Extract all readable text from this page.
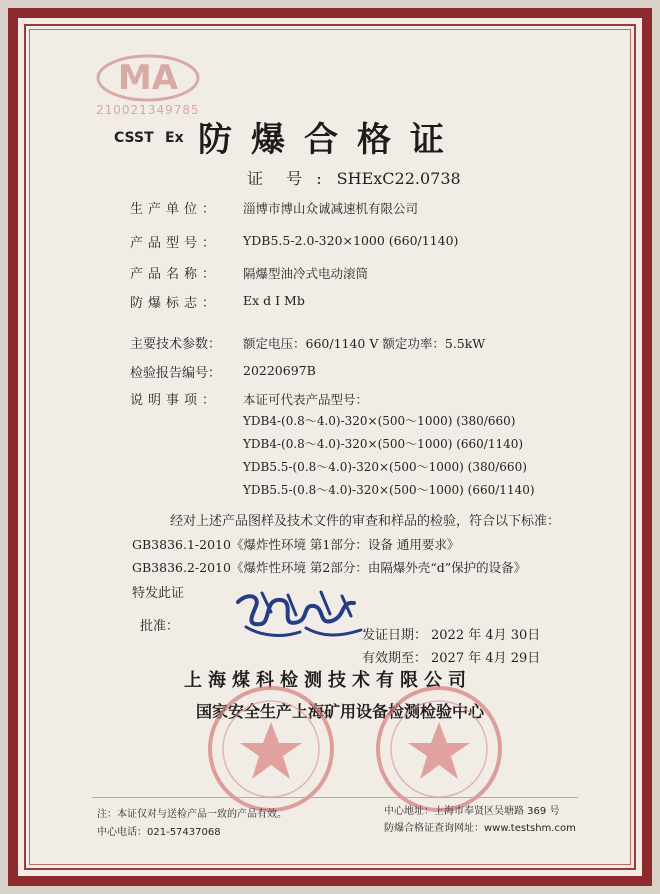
MA
210021349785
CSST Ex 防爆合格证
证 号 : SHExC22.0738
生产单位： 淄博市博山众诚减速机有限公司
产品型号： YDB5.5-2.0-320×1000 (660/1140)
产品名称： 隔爆型油冷式电动滚筒
防爆标志： Ex d I Mb
主要技术参数： 额定电压：660/1140 V 额定功率：5.5kW
检验报告编号： 20220697B
说明事项： 本证可代表产品型号：
YDB4-(0.8～4.0)-320×(500～1000) (380/660)
YDB4-(0.8～4.0)-320×(500～1000) (660/1140)
YDB5.5-(0.8～4.0)-320×(500～1000) (380/660)
YDB5.5-(0.8～4.0)-320×(500～1000) (660/1140)
经对上述产品图样及技术文件的审查和样品的检验，符合以下标准：
GB3836.1-2010《爆炸性环境 第1部分：设备 通用要求》
GB3836.2-2010《爆炸性环境 第2部分：由隔爆外壳“d”保护的设备》
特发此证
批准：
发证日期： 2022 年 4月 30日
有效期至： 2027 年 4月 29日
上海煤科检测技术有限公司
国家安全生产上海矿用设备检测检验中心
注：本证仅对与送检产品一致的产品有效。
中心电话：021-57437068
中心地址：上海市奉贤区吴塘路 369 号
防爆合格证查询网址：www.testshm.com
